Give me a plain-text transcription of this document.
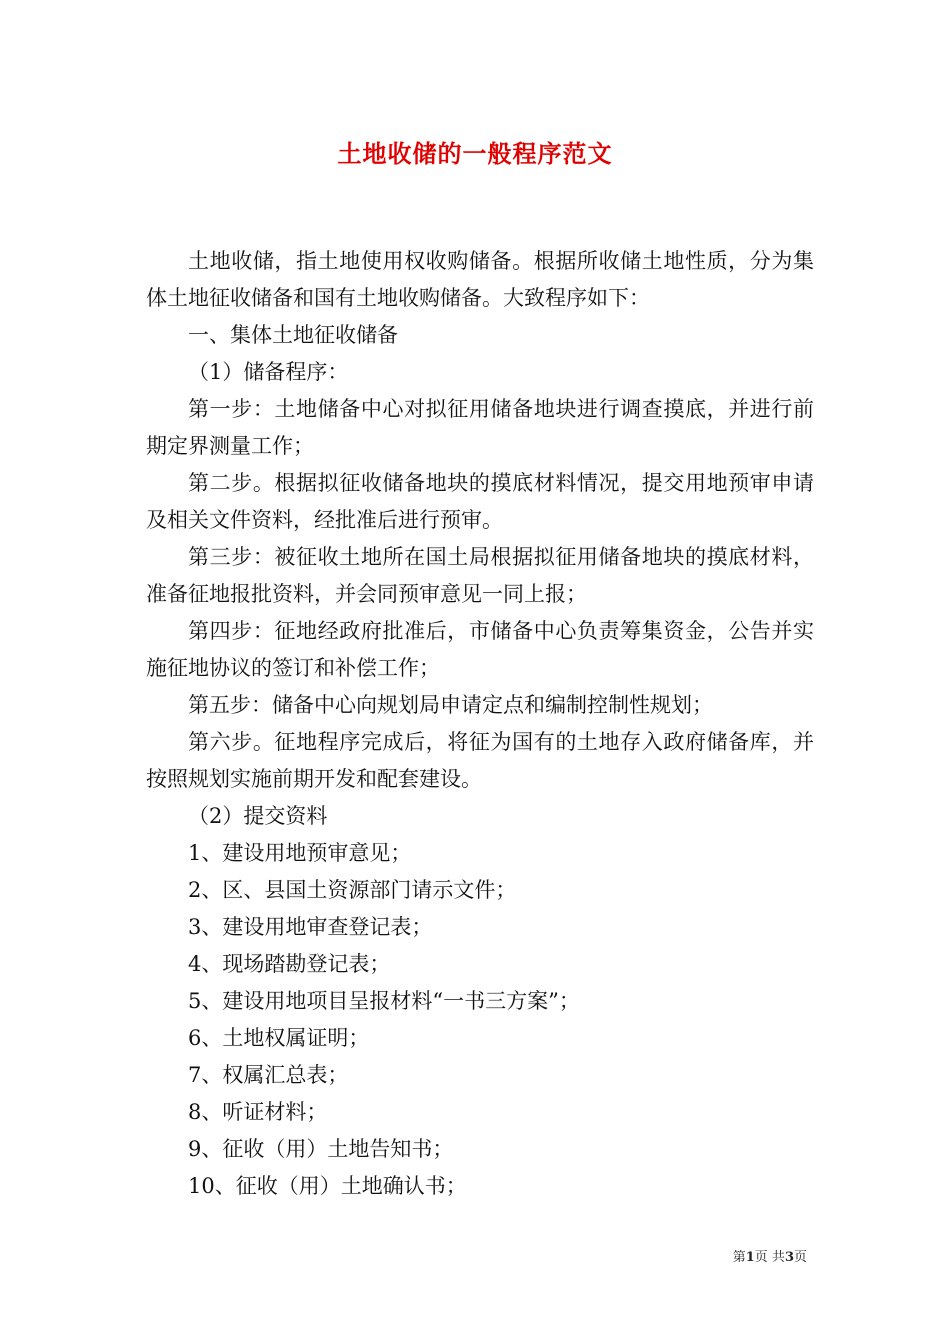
土地收储的一般程序范文

土地收储，指土地使用权收购储备。根据所收储土地性质，分为集体土地征收储备和国有土地收购储备。大致程序如下：

一、集体土地征收储备

（1）储备程序：

第一步：土地储备中心对拟征用储备地块进行调查摸底，并进行前期定界测量工作；

第二步。根据拟征收储备地块的摸底材料情况，提交用地预审申请及相关文件资料，经批准后进行预审。

第三步：被征收土地所在国土局根据拟征用储备地块的摸底材料，准备征地报批资料，并会同预审意见一同上报；

第四步：征地经政府批准后，市储备中心负责筹集资金，公告并实施征地协议的签订和补偿工作；

第五步：储备中心向规划局申请定点和编制控制性规划；

第六步。征地程序完成后，将征为国有的土地存入政府储备库，并按照规划实施前期开发和配套建设。

（2）提交资料

1、建设用地预审意见；

2、区、县国土资源部门请示文件；

3、建设用地审查登记表；

4、现场踏勘登记表；

5、建设用地项目呈报材料“一书三方案”；

6、土地权属证明；

7、权属汇总表；

8、听证材料；

9、征收（用）土地告知书；

10、征收（用）土地确认书；

第1页 共3页
